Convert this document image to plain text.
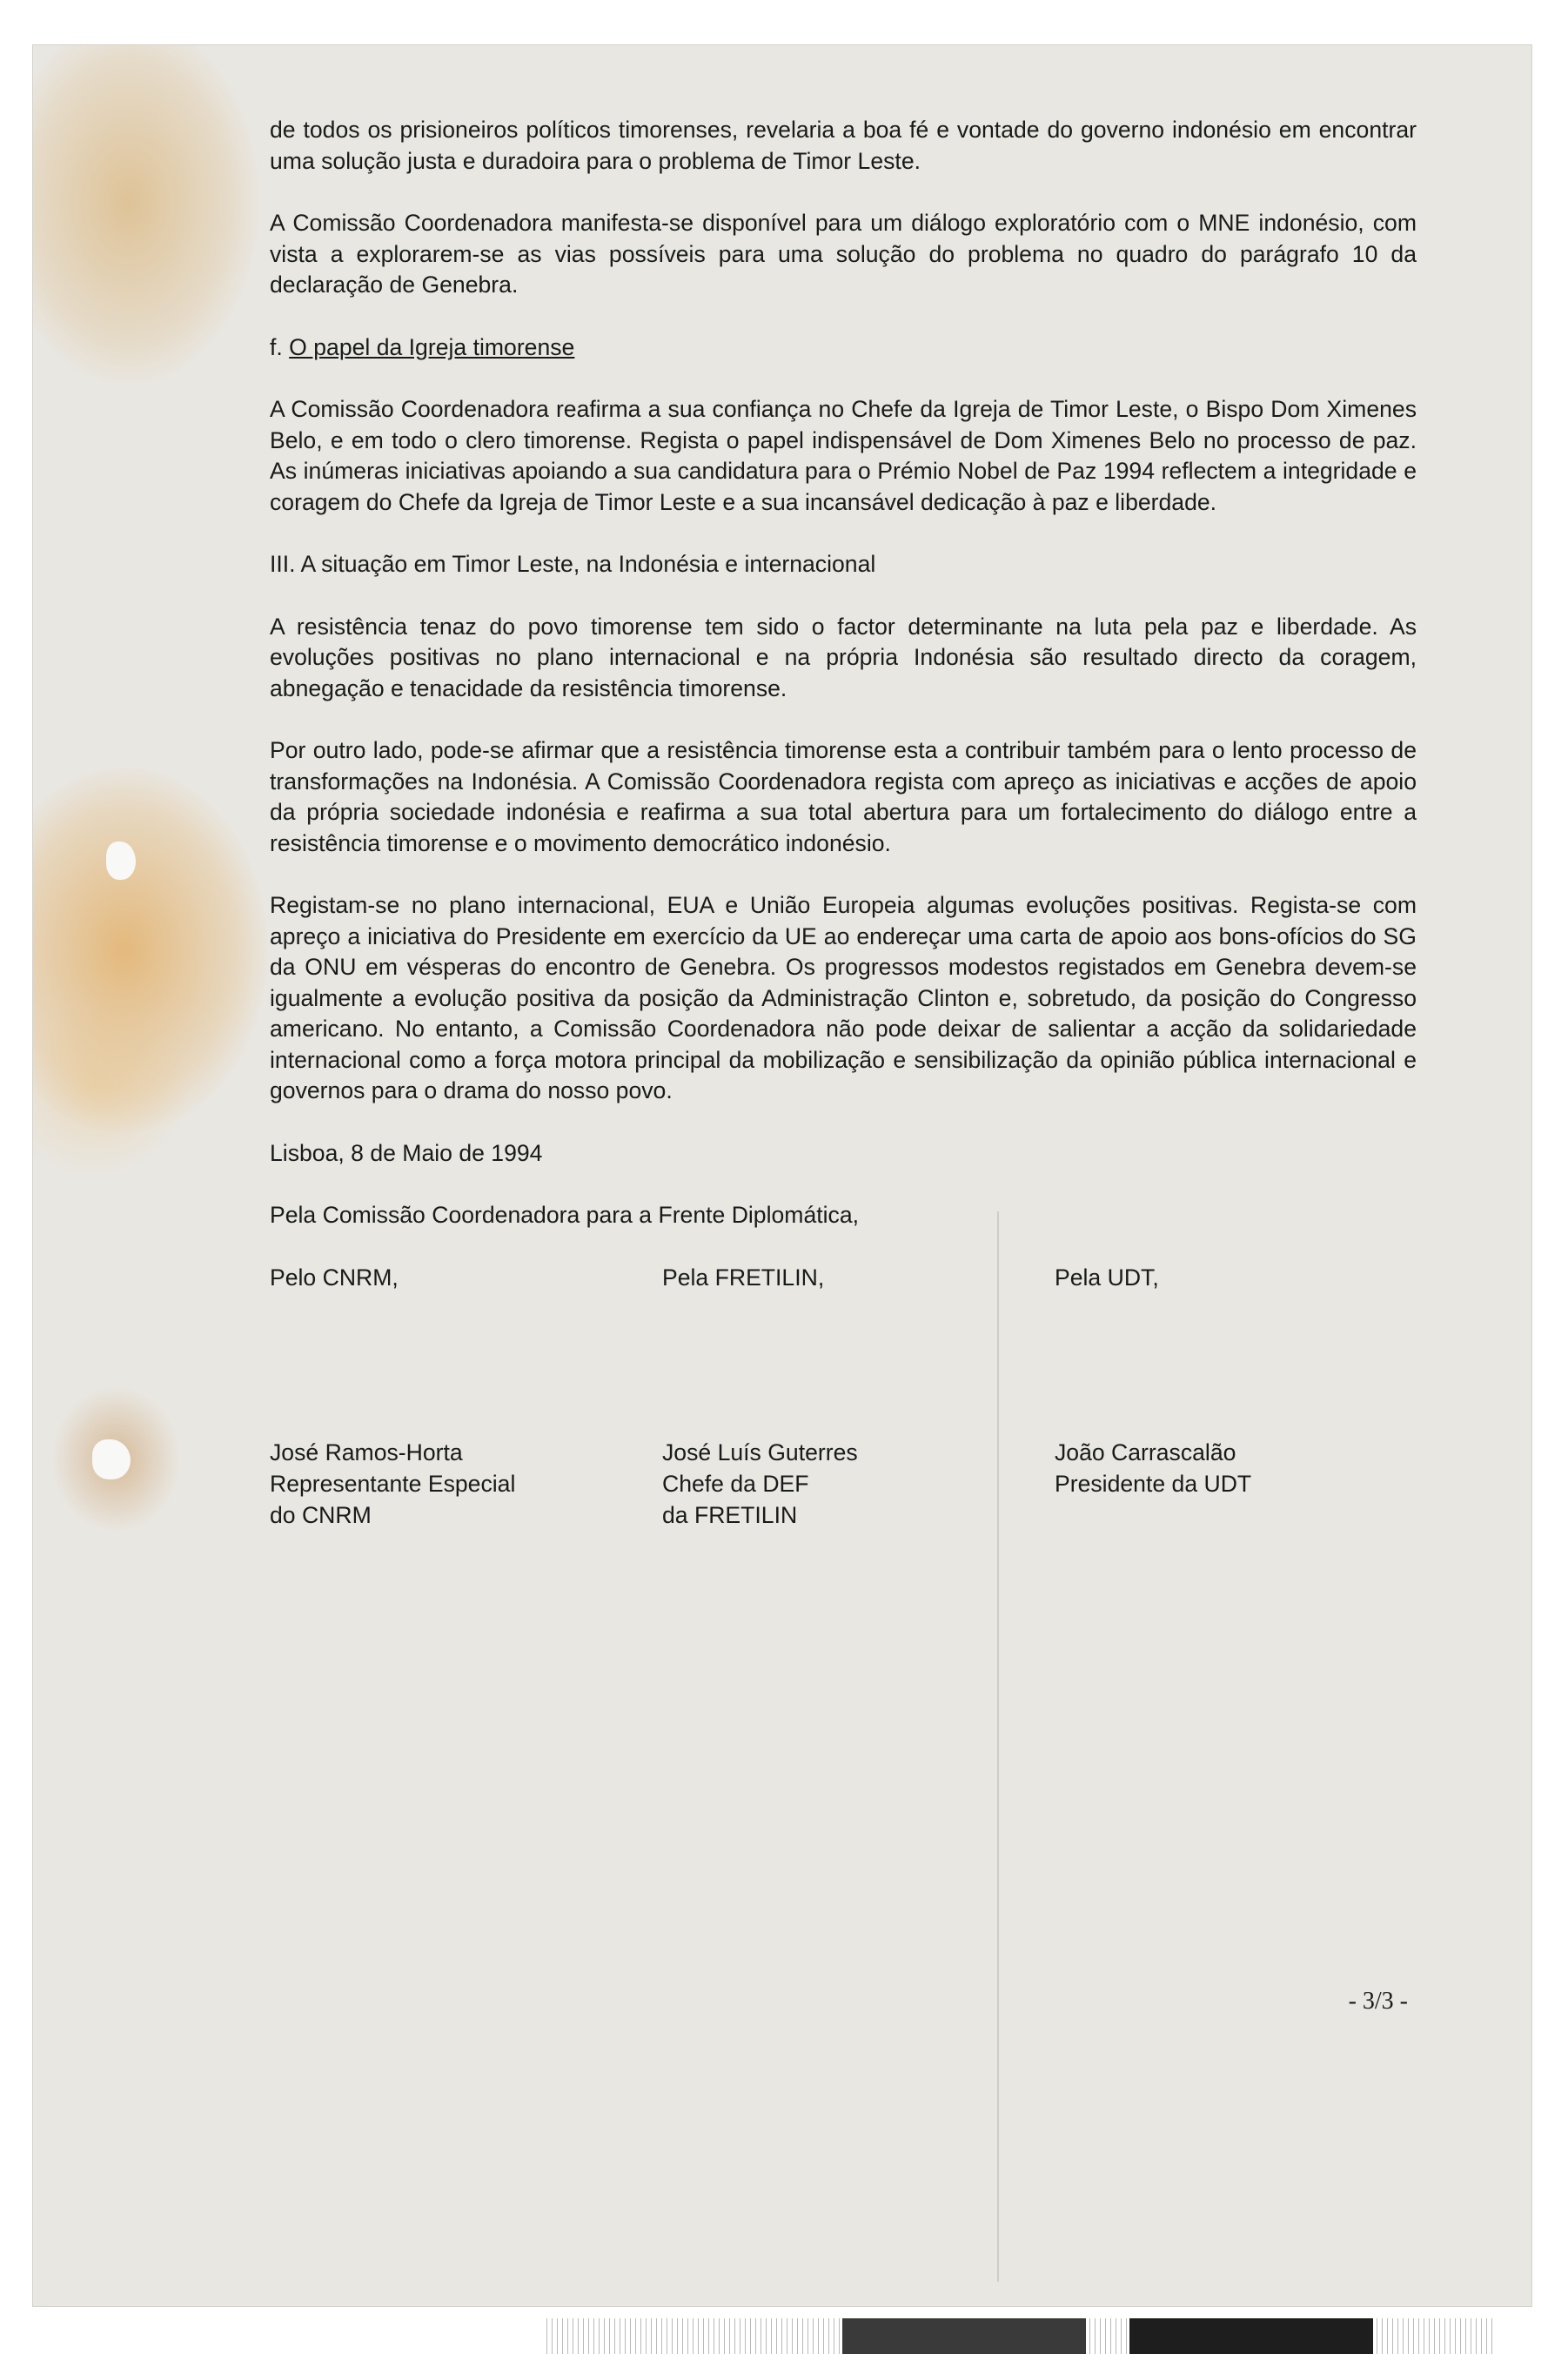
de todos os prisioneiros políticos timorenses, revelaria a boa fé e vontade do governo indonésio em encontrar uma solução justa e duradoira para o problema de Timor Leste.

A Comissão Coordenadora manifesta-se disponível para um diálogo exploratório com o MNE indonésio, com vista a explorarem-se as vias possíveis para uma solução do problema no quadro do parágrafo 10 da declaração de Genebra.

f. O papel da Igreja timorense

A Comissão Coordenadora reafirma a sua confiança no Chefe da Igreja de Timor Leste, o Bispo Dom Ximenes Belo, e em todo o clero timorense. Regista o papel indispensável de Dom Ximenes Belo no processo de paz. As inúmeras iniciativas apoiando a sua candidatura para o Prémio Nobel de Paz 1994 reflectem a integridade e coragem do Chefe da Igreja de Timor Leste e a sua incansável dedicação à paz e liberdade.

III. A situação em Timor Leste, na Indonésia e internacional

A resistência tenaz do povo timorense tem sido o factor determinante na luta pela paz e liberdade. As evoluções positivas no plano internacional e na própria Indonésia são resultado directo da coragem, abnegação e tenacidade da resistência timorense.

Por outro lado, pode-se afirmar que a resistência timorense esta a contribuir também para o lento processo de transformações na Indonésia. A Comissão Coordenadora regista com apreço as iniciativas e acções de apoio da própria sociedade indonésia e reafirma a sua total abertura para um fortalecimento do diálogo entre a resistência timorense e o movimento democrático indonésio.

Registam-se no plano internacional, EUA e União Europeia algumas evoluções positivas. Regista-se com apreço a iniciativa do Presidente em exercício da UE ao endereçar uma carta de apoio aos bons-ofícios do SG da ONU em vésperas do encontro de Genebra. Os progressos modestos registados em Genebra devem-se igualmente a evolução positiva da posição da Administração Clinton e, sobretudo, da posição do Congresso americano. No entanto, a Comissão Coordenadora não pode deixar de salientar a acção da solidariedade internacional como a força motora principal da mobilização e sensibilização da opinião pública internacional e governos para o drama do nosso povo.

Lisboa, 8 de Maio de 1994

Pela Comissão Coordenadora para a Frente Diplomática,

Pelo CNRM,	Pela FRETILIN,	Pela UDT,
José Ramos-Horta
Representante Especial
do CNRM
José Luís Guterres
Chefe da DEF
da FRETILIN
João Carrascalão
Presidente da UDT
- 3/3 -
